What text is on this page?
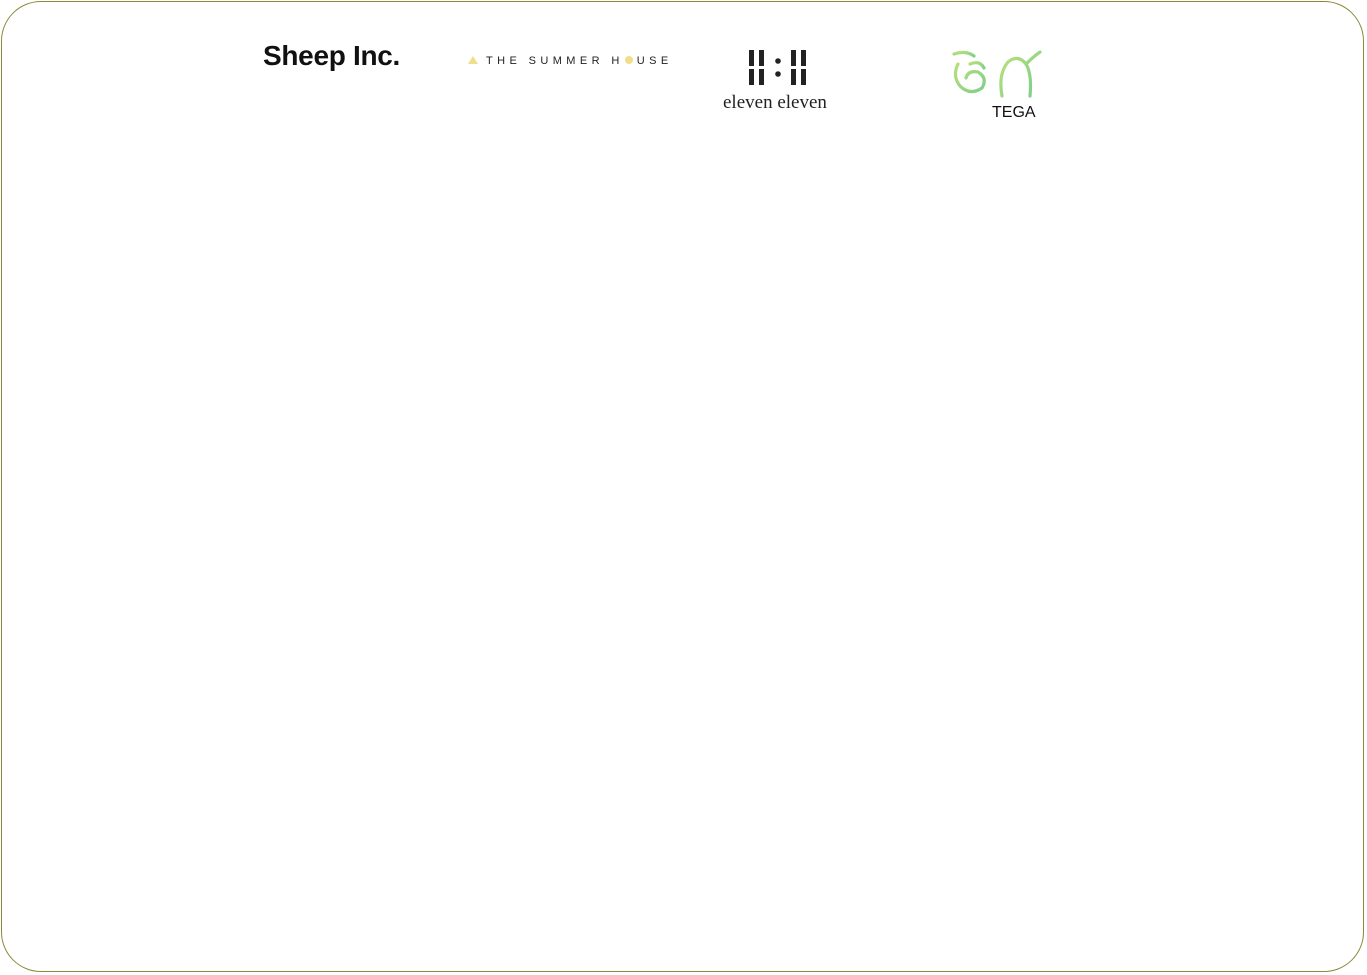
Sheep Inc.	THE SUMMER H USE
eleven eleven	TEGA
